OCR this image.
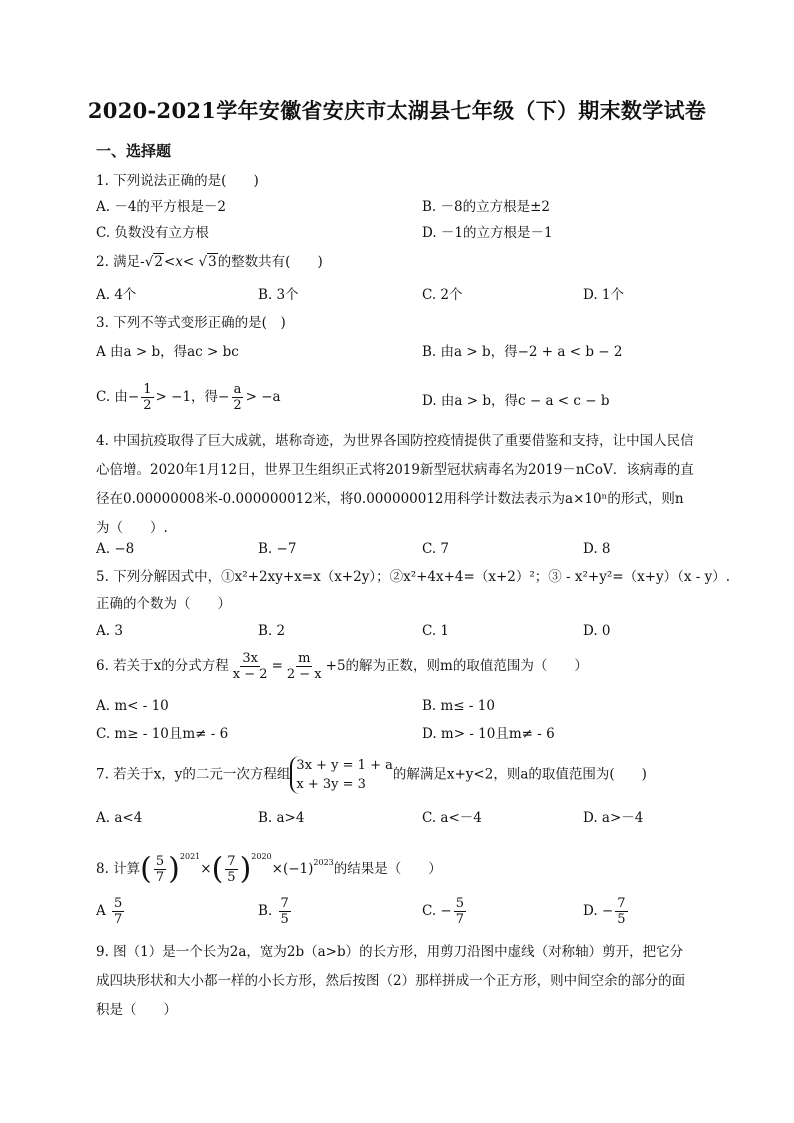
2020-2021学年安徽省安庆市太湖县七年级（下）期末数学试卷
一、选择题
1. 下列说法正确的是(　　)
A. －4的平方根是－2	B. －8的立方根是±2
C. 负数没有立方根	D. －1的立方根是－1
2. 满足-√2<x< √3的整数共有(　　)
A. 4个	B. 3个	C. 2个	D. 1个
3. 下列不等式变形正确的是(　)
A 由a > b，得ac > bc	B. 由a > b，得−2 + a < b − 2
C. 由− $\frac{1}{2} > -1$，得− $\frac{a}{2} > -a$	D. 由a > b，得c − a < c − b
4. 中国抗疫取得了巨大成就，堪称奇迹，为世界各国防控疫情提供了重要借鉴和支持，让中国人民信心倍增。2020年1月12日，世界卫生组织正式将2019新型冠状病毒名为2019－nCoV．该病毒的直径在0.00000008米-0.000000012米，将0.000000012用科学计数法表示为a×10ⁿ的形式，则n为（　　）.
A. −8	B. −7	C. 7	D. 8
5. 下列分解因式中，①x²+2xy+x=x（x+2y）；②x²+4x+4=（x+2）²；③ - x²+y²=（x+y）（x - y）.
正确的个数为（　　）
A. 3	B. 2	C. 1	D. 0
6. 若关于x的分式方程 $\frac{3x}{x - 2} = \frac{m}{2 - x} +5$的解为正数，则m的取值范围为（　　）
A. m< - 10	B. m≤ - 10
C. m≥ - 10且m≠ - 6	D. m> - 10且m≠ - 6
7. 若关于x，y的二元一次方程组3x + y = 1 + a
x + 3y = 3的解满足x+y<2，则a的取值范围为(　　)
A. a<4	B. a>4	C. a<－4	D. a>－4
8. 计算( $\frac{5}{7} )^{2021}\times( \frac{7}{5} )^{2020}\times(-1)^{2023}$的结果是（　　）
A $\frac{5}{7}$	B. $\frac{7}{5}$	C. − $\frac{5}{7}$	D. − $\frac{7}{5}$
9. 图（1）是一个长为2a，宽为2b（a>b）的长方形，用剪刀沿图中虚线（对称轴）剪开，把它分成四块形状和大小都一样的小长方形，然后按图（2）那样拼成一个正方形，则中间空余的部分的面积是（　　）
